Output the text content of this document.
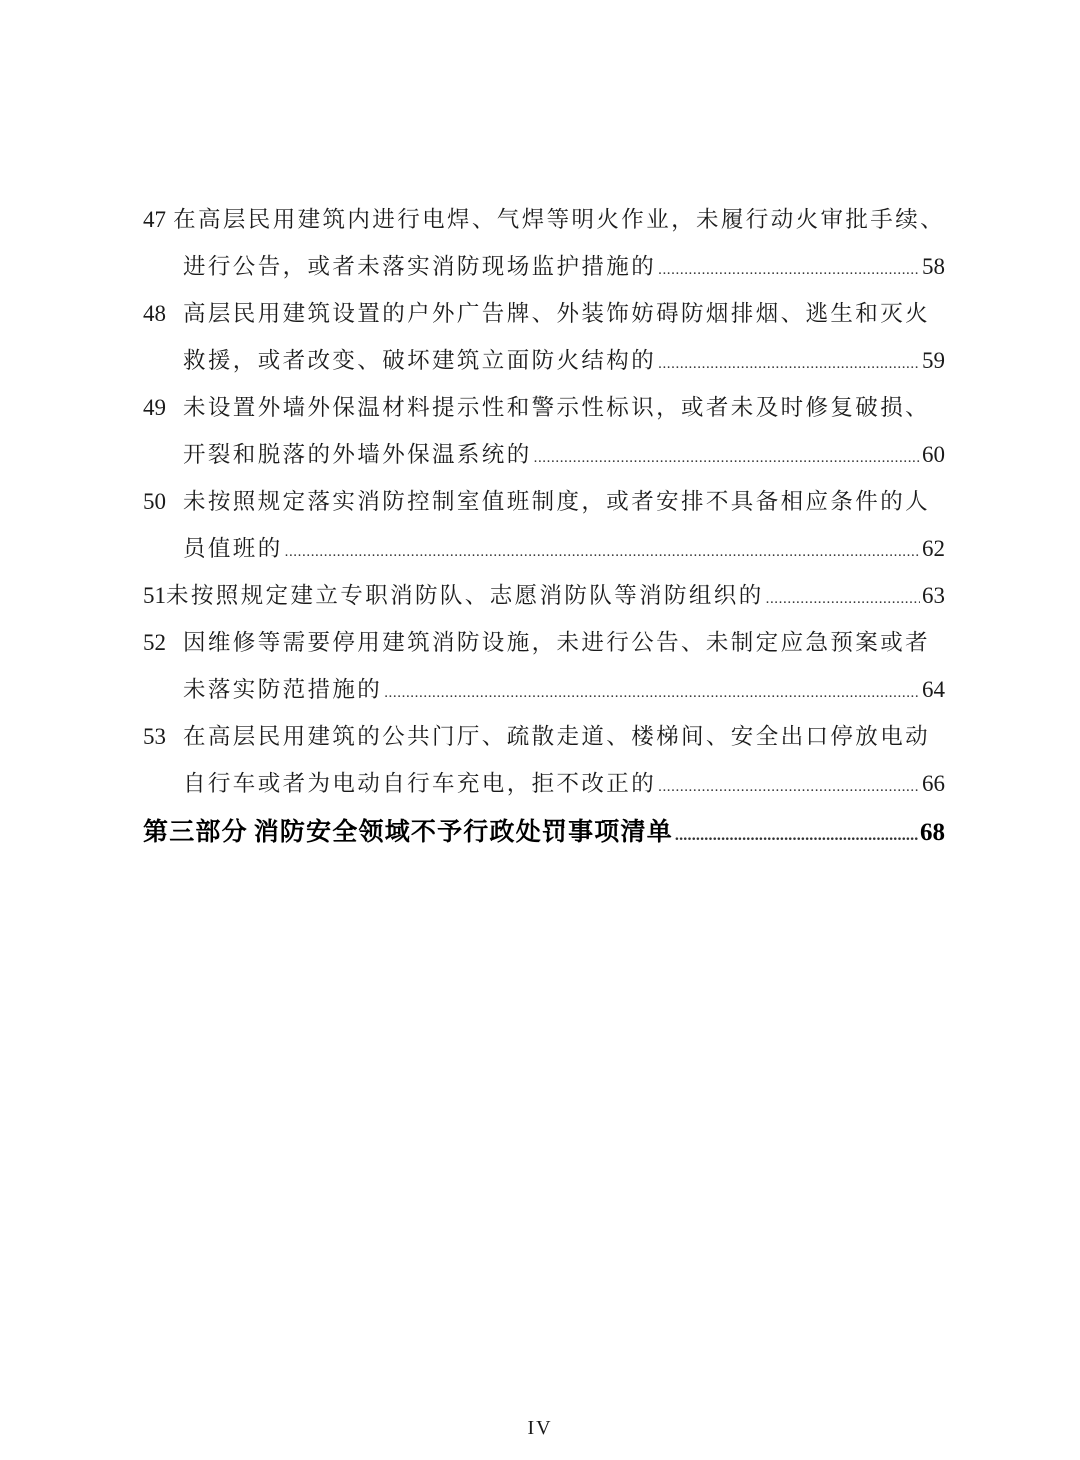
47 在高层民用建筑内进行电焊、气焊等明火作业，未履行动火审批手续、
进行公告，或者未落实消防现场监护措施的 .....	58
48 高层民用建筑设置的户外广告牌、外装饰妨碍防烟排烟、逃生和灭火
救援，或者改变、破坏建筑立面防火结构的 .....	59
49 未设置外墙外保温材料提示性和警示性标识，或者未及时修复破损、
开裂和脱落的外墙外保温系统的 .....	60
50 未按照规定落实消防控制室值班制度，或者安排不具备相应条件的人
员值班的 .....	62
51 未按照规定建立专职消防队、志愿消防队等消防组织的 .....	63
52 因维修等需要停用建筑消防设施，未进行公告、未制定应急预案或者
未落实防范措施的 .....	64
53 在高层民用建筑的公共门厅、疏散走道、楼梯间、安全出口停放电动
自行车或者为电动自行车充电，拒不改正的 .....	66
第三部分 消防安全领域不予行政处罚事项清单 .....	68
IV
